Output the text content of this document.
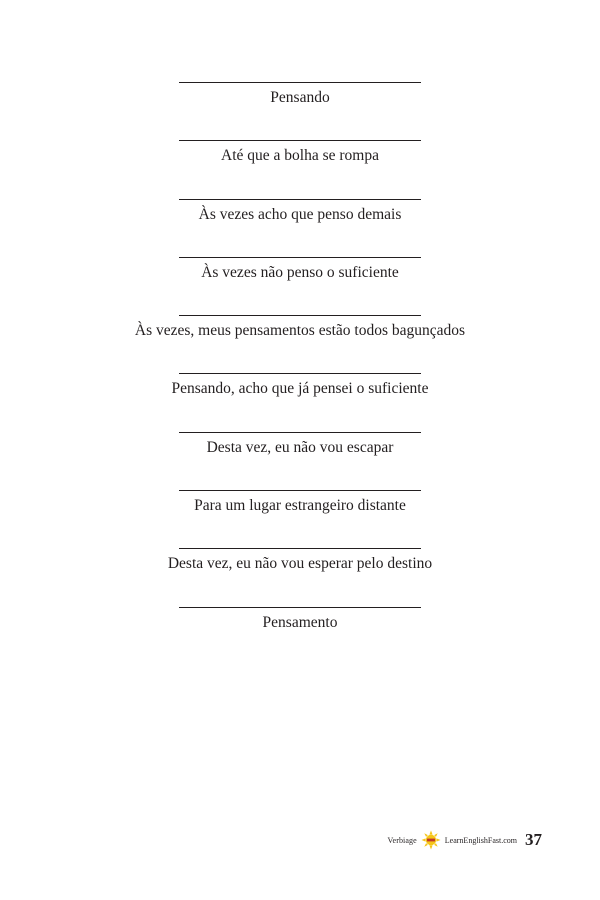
Pensando
Até que a bolha se rompa
Às vezes acho que penso demais
Às vezes não penso o suficiente
Às vezes, meus pensamentos estão todos bagunçados
Pensando, acho que já pensei o suficiente
Desta vez, eu não vou escapar
Para um lugar estrangeiro distante
Desta vez, eu não vou esperar pelo destino
Pensamento
Verbiage	LearnEnglishFast.com 37
